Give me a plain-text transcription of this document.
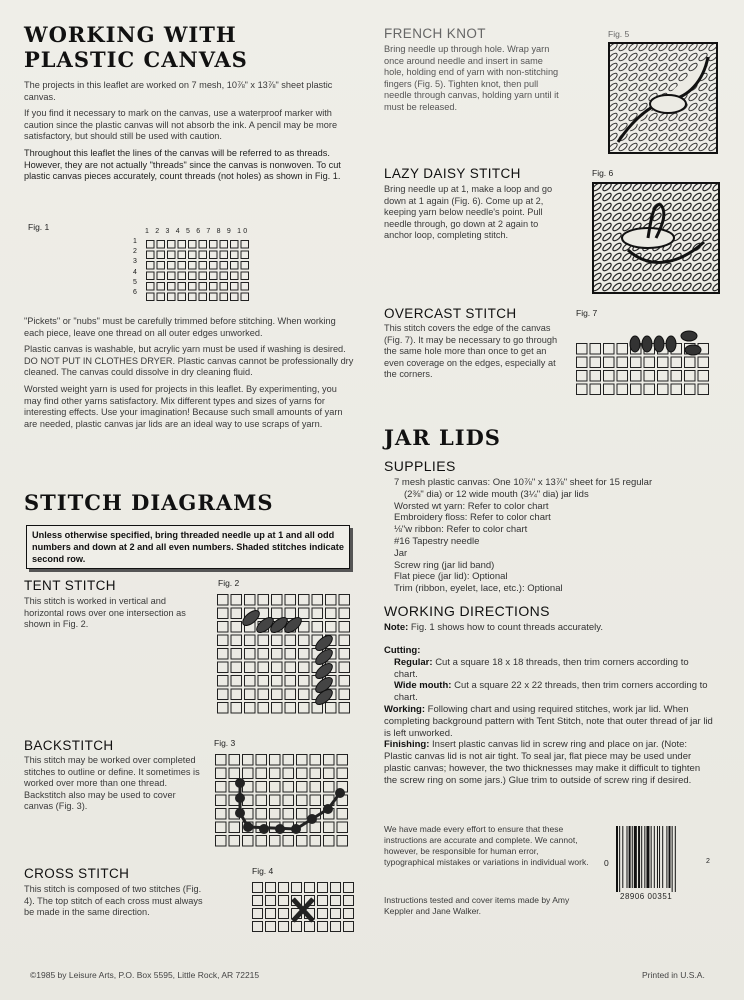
WORKING WITH PLASTIC CANVAS

The projects in this leaflet are worked on 7 mesh, 10⅞" x 13⅞" sheet plastic canvas.

If you find it necessary to mark on the canvas, use a waterproof marker with caution since the plastic canvas will not absorb the ink. A pencil may be more satisfactory, but should still be used with caution.

Throughout this leaflet the lines of the canvas will be referred to as threads. However, they are not actually "threads" since the canvas is nonwoven. To cut plastic canvas pieces accurately, count threads (not holes) as shown in Fig. 1.

Fig. 1	1 2 3 4 5 6 7 8 9 10
1
2
3
4
5
6

"Pickets" or "nubs" must be carefully trimmed before stitching. When working each piece, leave one thread on all outer edges unworked.

Plastic canvas is washable, but acrylic yarn must be used if washing is desired. DO NOT PUT IN CLOTHES DRYER. Plastic canvas cannot be professionally dry cleaned. The canvas could dissolve in dry cleaning fluid.

Worsted weight yarn is used for projects in this leaflet. By experimenting, you may find other yarns satisfactory. Mix different types and sizes of yarns for interesting effects. Use your imagination! Because such small amounts of yarn are needed, plastic canvas jar lids are an ideal way to use scraps of yarn.

STITCH DIAGRAMS
Unless otherwise specified, bring threaded needle up at 1 and all odd numbers and down at 2 and all even numbers. Shaded stitches indicate second row.
TENT STITCH
This stitch is worked in vertical and horizontal rows over one intersection as shown in Fig. 2.
Fig. 2
BACKSTITCH
This stitch may be worked over completed stitches to outline or define. It sometimes is worked over more than one thread. Backstitch also may be used to cover canvas (Fig. 3).
Fig. 3
CROSS STITCH
This stitch is composed of two stitches (Fig. 4). The top stitch of each cross must always be made in the same direction.
Fig. 4
FRENCH KNOT
Bring needle up through hole. Wrap yarn once around needle and insert in same hole, holding end of yarn with non-stitching fingers (Fig. 5). Tighten knot, then pull needle through canvas, holding yarn until it must be released.
Fig. 5
LAZY DAISY STITCH
Bring needle up at 1, make a loop and go down at 1 again (Fig. 6). Come up at 2, keeping yarn below needle's point. Pull needle through, go down at 2 again to anchor loop, completing stitch.
Fig. 6
OVERCAST STITCH
This stitch covers the edge of the canvas (Fig. 7). It may be necessary to go through the same hole more than once to get an even coverage on the edges, especially at the corners.
Fig. 7
JAR LIDS
SUPPLIES
7 mesh plastic canvas: One 10⅞" x 13⅞" sheet for 15 regular
(2⅜" dia) or 12 wide mouth (3¼" dia) jar lids
Worsted wt yarn: Refer to color chart
Embroidery floss: Refer to color chart
⅛"w ribbon: Refer to color chart
#16 Tapestry needle
Jar
Screw ring (jar lid band)
Flat piece (jar lid): Optional
Trim (ribbon, eyelet, lace, etc.): Optional
WORKING DIRECTIONS
Note: Fig. 1 shows how to count threads accurately.
Cutting:
Regular: Cut a square 18 x 18 threads, then trim corners according to chart.
Wide mouth: Cut a square 22 x 22 threads, then trim corners according to chart.
Working: Following chart and using required stitches, work jar lid. When completing background pattern with Tent Stitch, note that outer thread of jar lid is left unworked.
Finishing: Insert plastic canvas lid in screw ring and place on jar. (Note: Plastic canvas lid is not air tight. To seal jar, flat piece may be used under plastic canvas; however, the two thicknesses may make it difficult to tighten the screw ring on some jars.) Glue trim to outside of screw ring if desired.
We have made every effort to ensure that these instructions are accurate and complete. We cannot, however, be responsible for human error, typographical mistakes or variations in individual work.
Instructions tested and cover items made by Amy Keppler and Jane Walker.
0
28906 00351
2
©1985 by Leisure Arts, P.O. Box 5595, Little Rock, AR 72215	Printed in U.S.A.
